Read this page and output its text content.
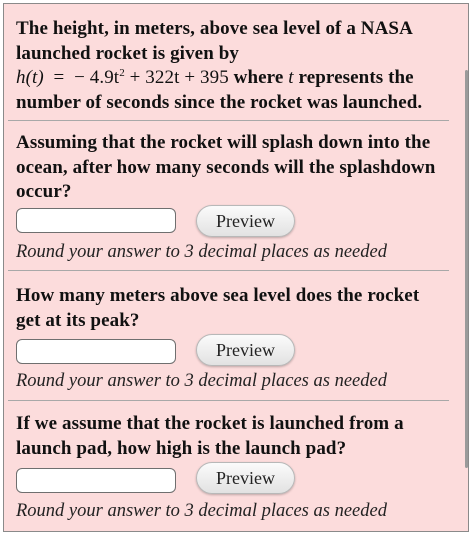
The height, in meters, above sea level of a NASA launched rocket is given by
h(t) = − $4.9t^2 + 322t + 395$ where t represents the number of seconds since the rocket was launched.
Assuming that the rocket will splash down into the ocean, after how many seconds will the splashdown occur?
Preview
Round your answer to 3 decimal places as needed
How many meters above sea level does the rocket get at its peak?
Preview
Round your answer to 3 decimal places as needed
If we assume that the rocket is launched from a launch pad, how high is the launch pad?
Preview
Round your answer to 3 decimal places as needed
